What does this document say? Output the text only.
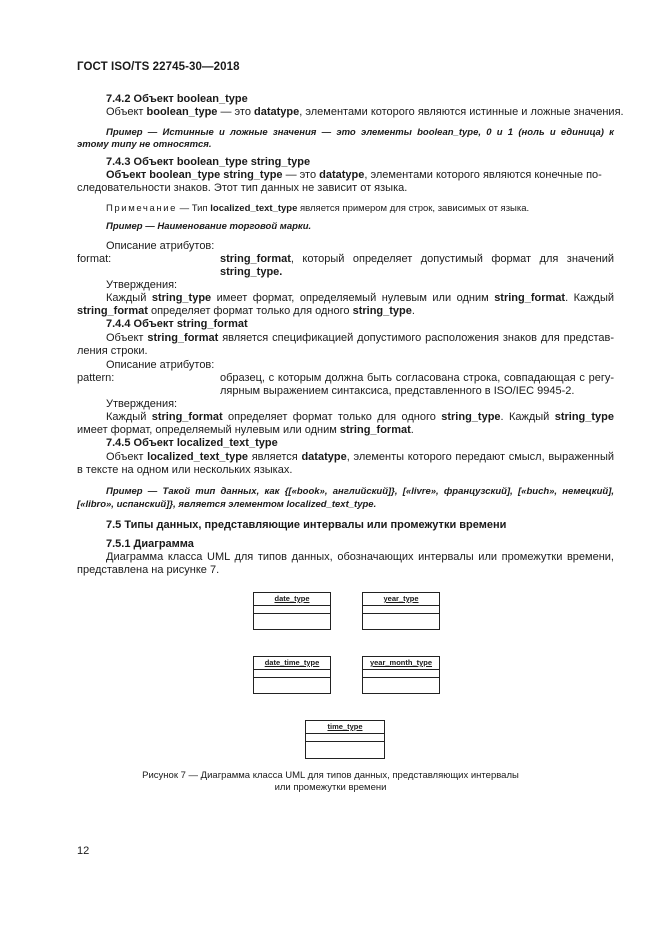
ГОСТ ISO/TS 22745-30—2018
7.4.2 Объект boolean_type
Объект boolean_type — это datatype, элементами которого являются истинные и ложные значения.
Пример — Истинные и ложные значения — это элементы boolean_type, 0 и 1 (ноль и единица) к
этому типу не относятся.
7.4.3 Объект boolean_type string_type
Объект boolean_type string_type — это datatype, элементами которого являются конечные по-
следовательности знаков. Этот тип данных не зависит от языка.
Примечание — Тип localized_text_type является примером для строк, зависимых от языка.
Пример — Наименование торговой марки.
Описание атрибутов:
format:	string_format, который определяет допустимый формат для значений
string_type.
Утверждения:
Каждый string_type имеет формат, определяемый нулевым или одним string_format. Каждый
string_format определяет формат только для одного string_type.
7.4.4 Объект string_format
Объект string_format является спецификацией допустимого расположения знаков для представ-
ления строки.
Описание атрибутов:
pattern:	образец, с которым должна быть согласована строка, совпадающая с регу-
лярным выражением синтаксиса, представленного в ISO/IEC 9945-2.
Утверждения:
Каждый string_format определяет формат только для одного string_type. Каждый string_type
имеет формат, определяемый нулевым или одним string_format.
7.4.5 Объект localized_text_type
Объект localized_text_type является datatype, элементы которого передают смысл, выраженный
в тексте на одном или нескольких языках.
Пример — Такой тип данных, как {[«book», английский]}, [«livre», французский], [«buch», немецкий],
[«libro», испанский]}, является элементом localized_text_type.
7.5 Типы данных, представляющие интервалы или промежутки времени
7.5.1 Диаграмма
Диаграмма класса UML для типов данных, обозначающих интервалы или промежутки времени,
представлена на рисунке 7.
date_type	year_type
date_time_type	year_month_type
time_type
Рисунок 7 — Диаграмма класса UML для типов данных, представляющих интервалы
или промежутки времени
12
